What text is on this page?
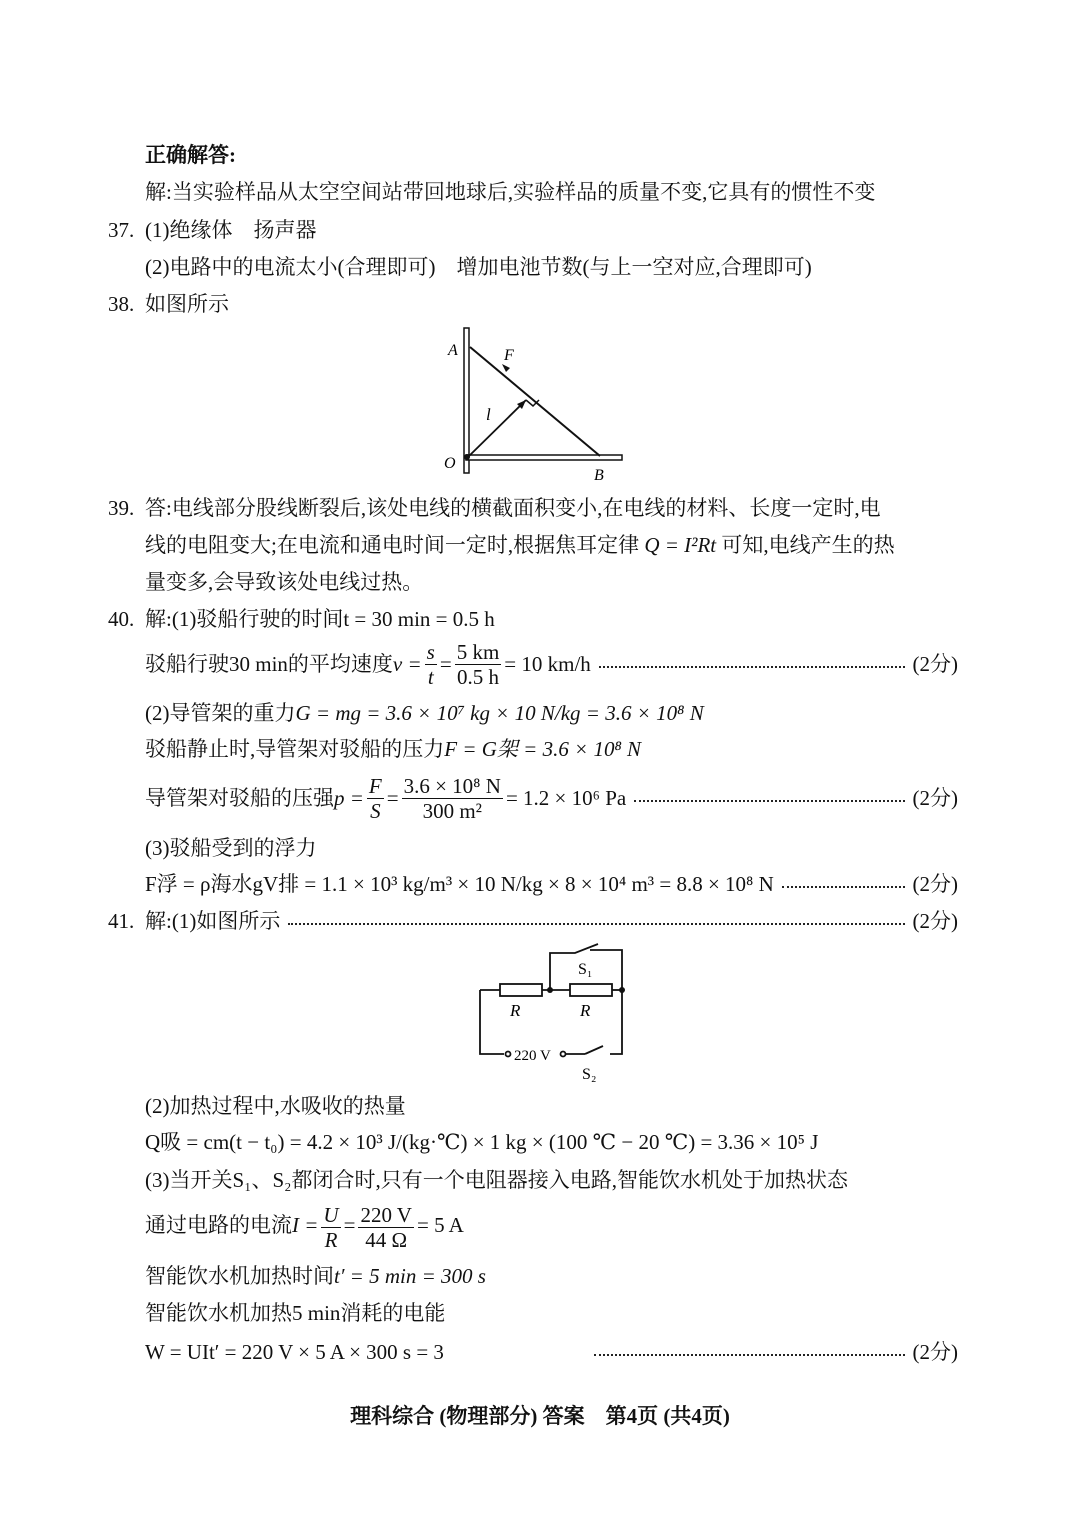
正确解答:
解:当实验样品从太空空间站带回地球后,实验样品的质量不变,它具有的惯性不变
37. (1)绝缘体　扬声器
(2)电路中的电流太小(合理即可)　增加电池节数(与上一空对应,合理即可)
38. 如图所示
A	F
l
O
B
39. 答:电线部分股线断裂后,该处电线的横截面积变小,在电线的材料、长度一定时,电
线的电阻变大;在电流和通电时间一定时,根据焦耳定律 Q = I²Rt 可知,电线产生的热
量变多,会导致该处电线过热。
40. 解:(1)驳船行驶的时间t = 30 min = 0.5 h
驳船行驶30 min的平均速度 $v = \frac{s}{t} = \frac{5 km}{0.5 h} = 10$ km/h	(2分)
(2)导管架的重力G = mg = 3.6 × 10⁷ kg × 10 N/kg = 3.6 × 10⁸ N
驳船静止时,导管架对驳船的压力F = G架 = 3.6 × 10⁸ N
导管架对驳船的压强 $p = \frac{F}{S} = \frac{\text{3.6 × 10⁸ N}}{\text{300 m²}} = 1.2 \times 10^6$ Pa	(2分)
(3)驳船受到的浮力
F浮 = ρ海水gV排 = 1.1 × 10³ kg/m³ × 10 N/kg × 8 × 10⁴ m³ = 8.8 × 10⁸ N	(2分)
41. 解:(1)如图所示	(2分)
S₁
R	R
220 V
S₂
(2)加热过程中,水吸收的热量
Q吸 = cm(t − t₀) = 4.2 × 10³ J/(kg·℃) × 1 kg × (100 ℃ − 20 ℃) = 3.36 × 10⁵ J
(3)当开关S₁、S₂都闭合时,只有一个电阻器接入电路,智能饮水机处于加热状态
通过电路的电流$I = \frac{U}{R} = \frac{220 V}{44 \Omega} = 5$ A
智能饮水机加热时间t′ = 5 min = 300 s
智能饮水机加热5 min消耗的电能
W = UIt′ = 220 V × 5 A × 300 s = 3	(2分)
理科综合 (物理部分) 答案　第4页 (共4页)
